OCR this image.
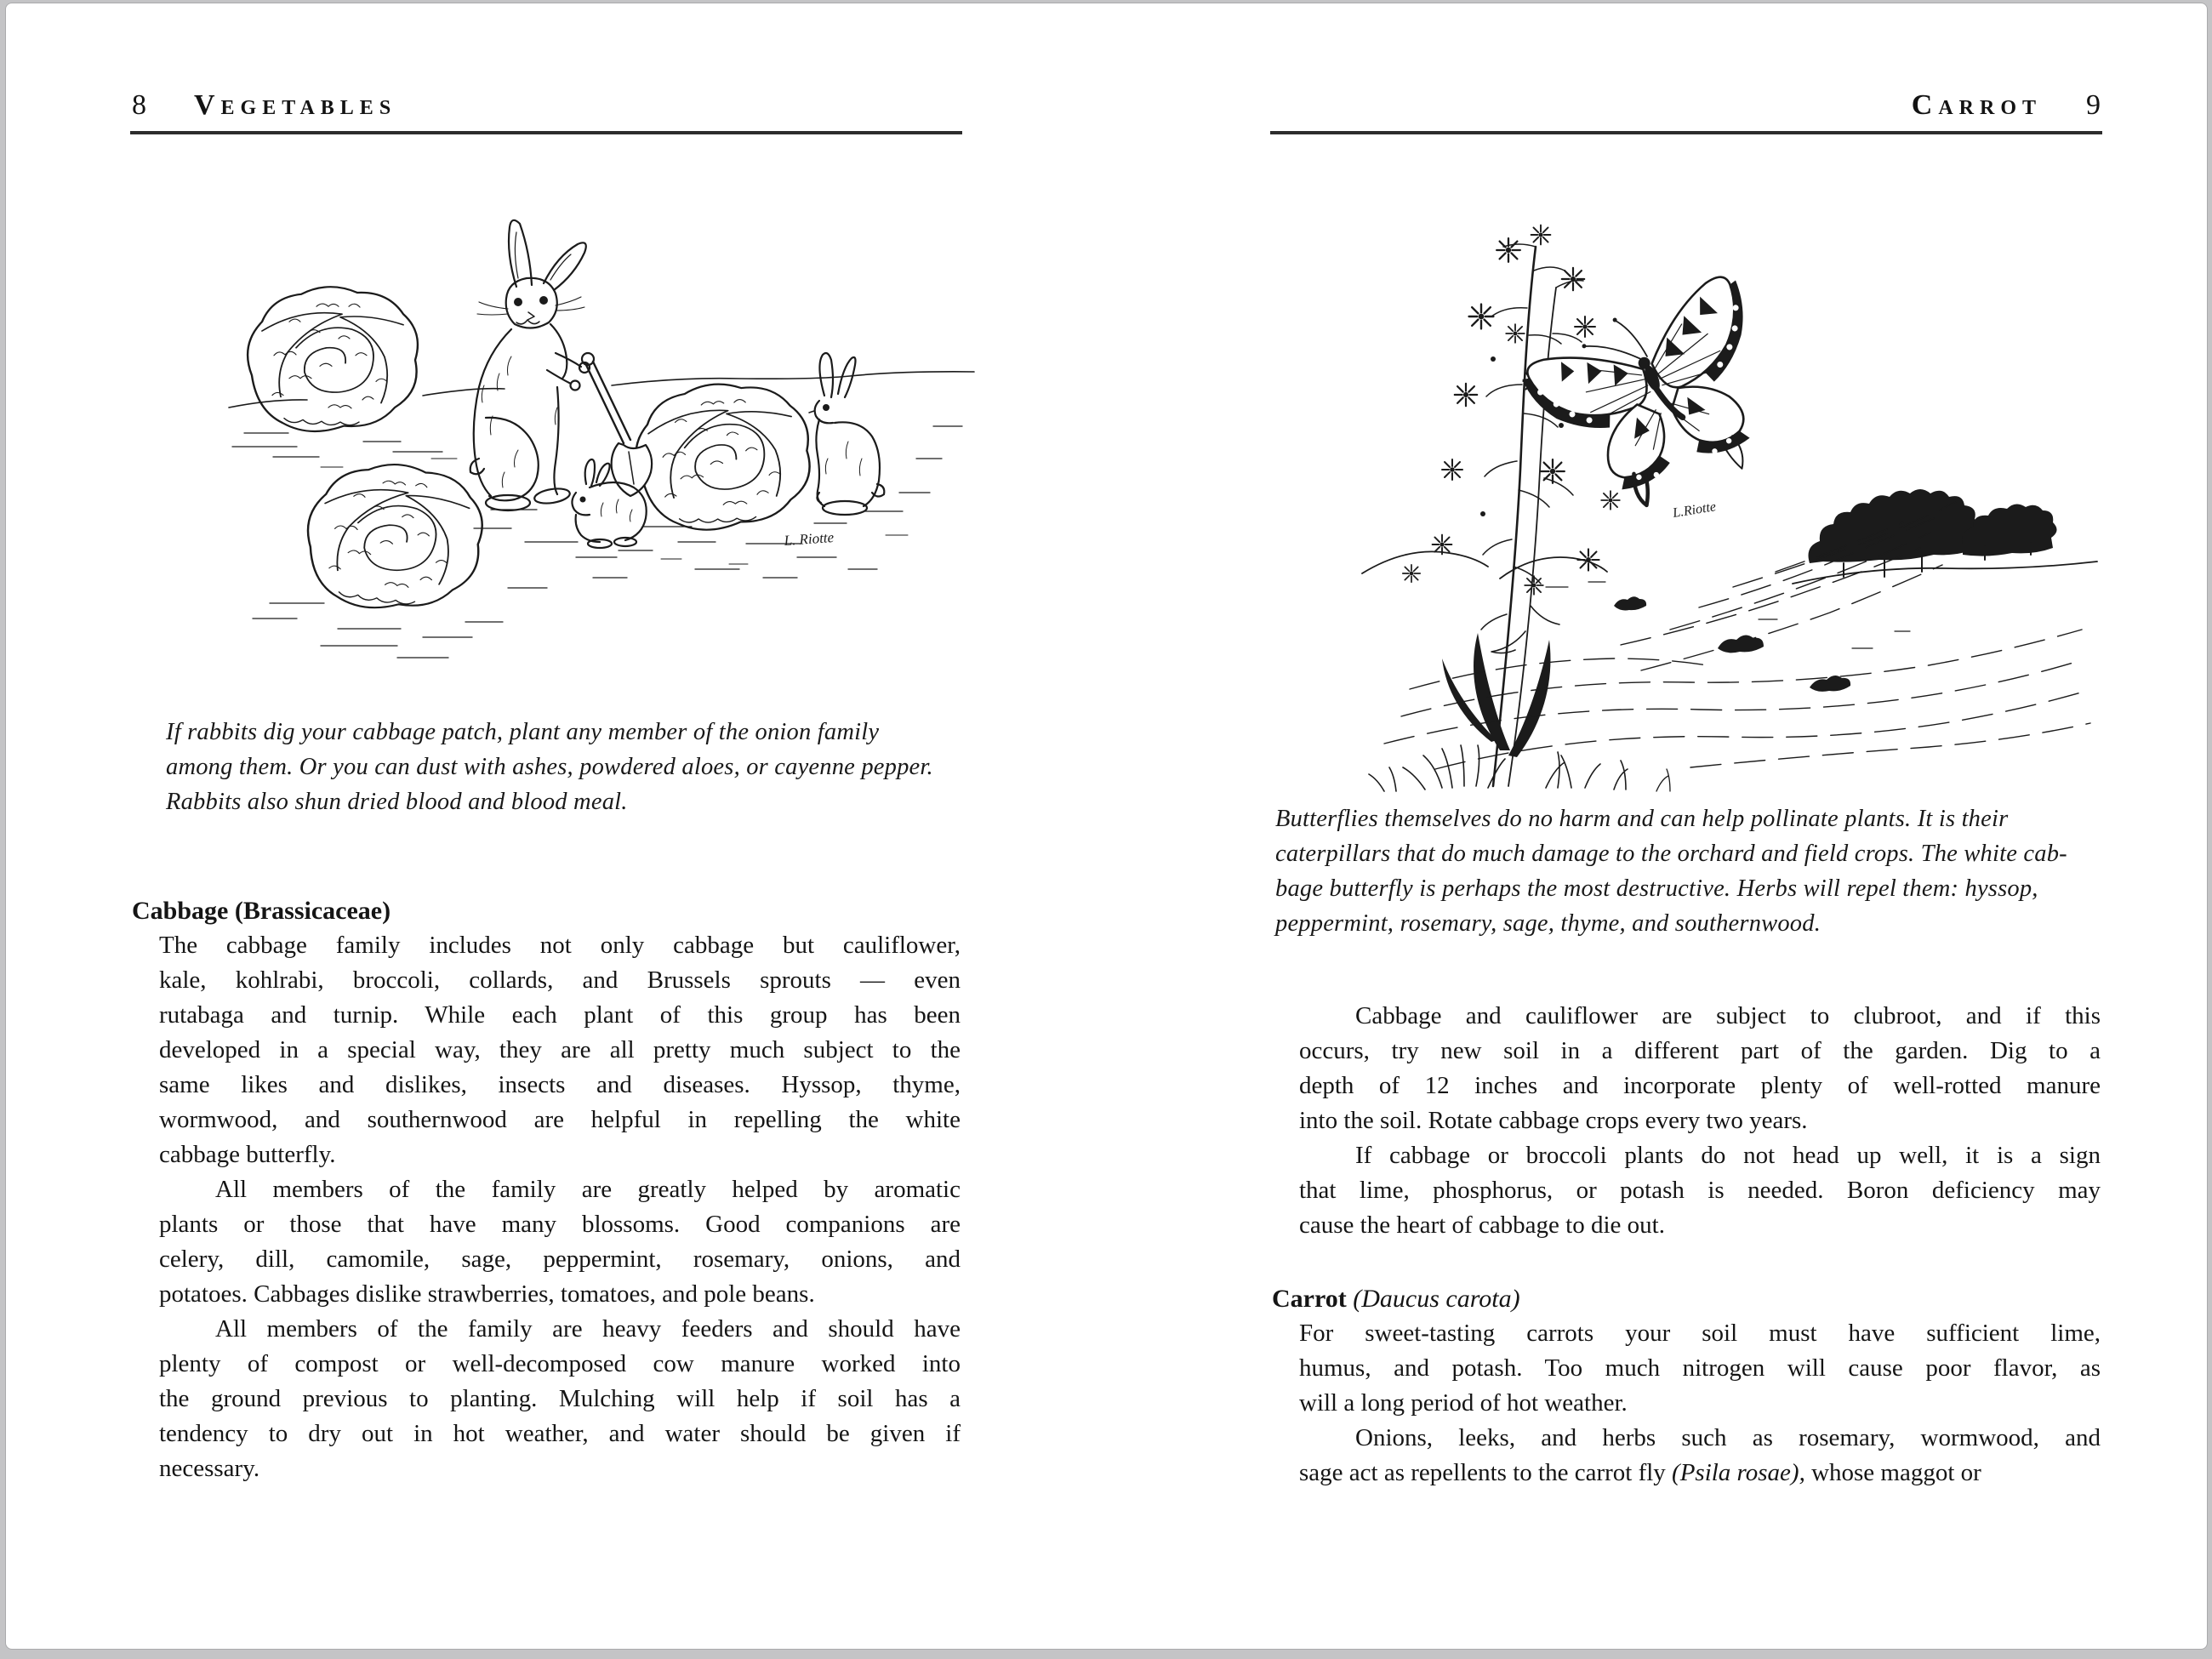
8 Vegetables
L. Riotte
If rabbits dig your cabbage patch, plant any member of the onion family
among them. Or you can dust with ashes, powdered aloes, or cayenne pepper.
Rabbits also shun dried blood and blood meal.
Cabbage (Brassicaceae)
The cabbage family includes not only cabbage but cauliflower,
kale, kohlrabi, broccoli, collards, and Brussels sprouts — even
rutabaga and turnip. While each plant of this group has been
developed in a special way, they are all pretty much subject to the
same likes and dislikes, insects and diseases. Hyssop, thyme,
wormwood, and southernwood are helpful in repelling the white
cabbage butterfly.
All members of the family are greatly helped by aromatic
plants or those that have many blossoms. Good companions are
celery, dill, camomile, sage, peppermint, rosemary, onions, and
potatoes. Cabbages dislike strawberries, tomatoes, and pole beans.
All members of the family are heavy feeders and should have
plenty of compost or well-decomposed cow manure worked into
the ground previous to planting. Mulching will help if soil has a
tendency to dry out in hot weather, and water should be given if
necessary.
Carrot 9
L.Riotte
Butterflies themselves do no harm and can help pollinate plants. It is their
caterpillars that do much damage to the orchard and field crops. The white cab-
bage butterfly is perhaps the most destructive. Herbs will repel them: hyssop,
peppermint, rosemary, sage, thyme, and southernwood.
Cabbage and cauliflower are subject to clubroot, and if this
occurs, try new soil in a different part of the garden. Dig to a
depth of 12 inches and incorporate plenty of well-rotted manure
into the soil. Rotate cabbage crops every two years.
If cabbage or broccoli plants do not head up well, it is a sign
that lime, phosphorus, or potash is needed. Boron deficiency may
cause the heart of cabbage to die out.
Carrot (Daucus carota)
For sweet-tasting carrots your soil must have sufficient lime,
humus, and potash. Too much nitrogen will cause poor flavor, as
will a long period of hot weather.
Onions, leeks, and herbs such as rosemary, wormwood, and
sage act as repellents to the carrot fly (Psila rosae), whose maggot or
